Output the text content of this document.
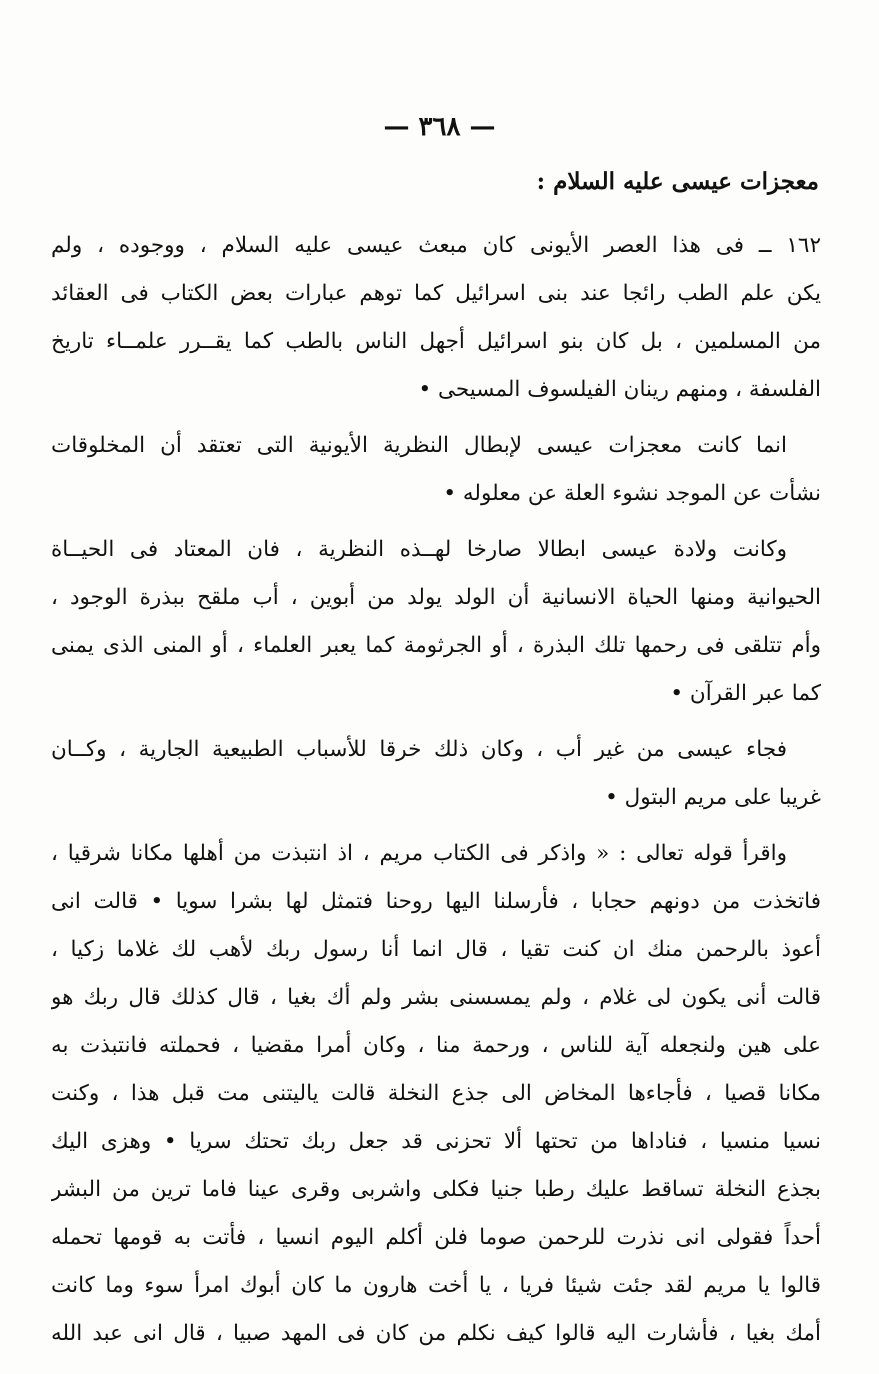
— ٣٦٨ —
معجزات عيسى عليه السلام :
١٦٢ ــ فى هذا العصر الأيونى كان مبعث عيسى عليه السلام ، ووجوده ، ولم
يكن علم الطب رائجا عند بنى اسرائيل كما توهم عبارات بعض الكتاب فى العقائد
من المسلمين ، بل كان بنو اسرائيل أجهل الناس بالطب كما يقــرر علمــاء تاريخ
الفلسفة ، ومنهم رينان الفيلسوف المسيحى •
انما كانت معجزات عيسى لإبطال النظرية الأيونية التى تعتقد أن المخلوقات
نشأت عن الموجد نشوء العلة عن معلوله •
وكانت ولادة عيسى ابطالا صارخا لهــذه النظرية ، فان المعتاد فى الحيــاة
الحيوانية ومنها الحياة الانسانية أن الولد يولد من أبوين ، أب ملقح ببذرة الوجود ،
وأم تتلقى فى رحمها تلك البذرة ، أو الجرثومة كما يعبر العلماء ، أو المنى الذى يمنى
كما عبر القرآن •
فجاء عيسى من غير أب ، وكان ذلك خرقا للأسباب الطبيعية الجارية ، وكــان
غريبا على مريم البتول •
واقرأ قوله تعالى : « واذكر فى الكتاب مريم ، اذ انتبذت من أهلها مكانا شرقيا ،
فاتخذت من دونهم حجابا ، فأرسلنا اليها روحنا فتمثل لها بشرا سويا • قالت انى
أعوذ بالرحمن منك ان كنت تقيا ، قال انما أنا رسول ربك لأهب لك غلاما زكيا ،
قالت أنى يكون لى غلام ، ولم يمسسنى بشر ولم أك بغيا ، قال كذلك قال ربك هو
على هين ولنجعله آية للناس ، ورحمة منا ، وكان أمرا مقضيا ، فحملته فانتبذت به
مكانا قصيا ، فأجاءها المخاض الى جذع النخلة قالت ياليتنى مت قبل هذا ، وكنت
نسيا منسيا ، فناداها من تحتها ألا تحزنى قد جعل ربك تحتك سريا • وهزى اليك
بجذع النخلة تساقط عليك رطبا جنيا فكلى واشربى وقرى عينا فاما ترين من البشر
أحداً فقولى انى نذرت للرحمن صوما فلن أكلم اليوم انسيا ، فأتت به قومها تحمله
قالوا يا مريم لقد جئت شيئا فريا ، يا أخت هارون ما كان أبوك امرأ سوء وما كانت
أمك بغيا ، فأشارت اليه قالوا كيف نكلم من كان فى المهد صبيا ، قال انى عبد الله
